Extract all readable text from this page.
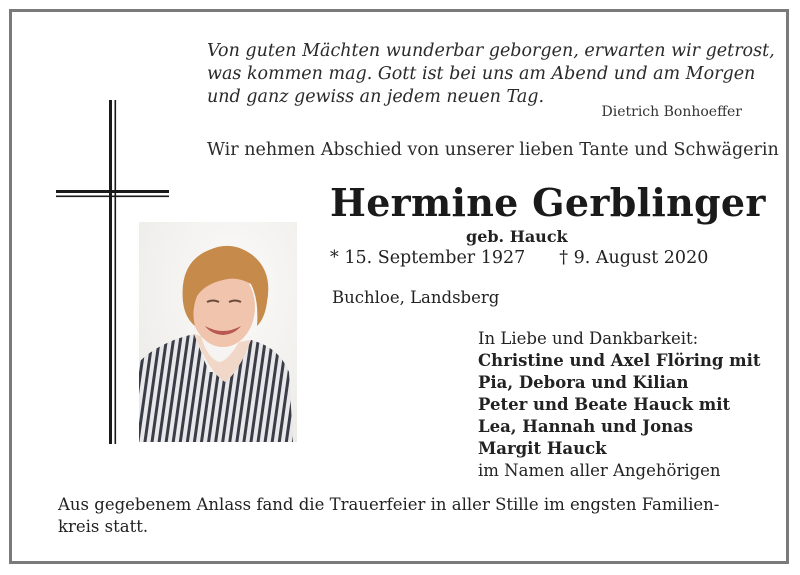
Von guten Mächten wunderbar geborgen, erwarten wir getrost,
was kommen mag. Gott ist bei uns am Abend und am Morgen
und ganz gewiss an jedem neuen Tag.
Dietrich Bonhoeffer
Wir nehmen Abschied von unserer lieben Tante und Schwägerin
Hermine Gerblinger
geb. Hauck
* 15. September 1927 † 9. August 2020
Buchloe, Landsberg
In Liebe und Dankbarkeit:
Christine und Axel Flöring mit
Pia, Debora und Kilian
Peter und Beate Hauck mit
Lea, Hannah und Jonas
Margit Hauck
im Namen aller Angehörigen
Aus gegebenem Anlass fand die Trauerfeier in aller Stille im engsten Familien-
kreis statt.
